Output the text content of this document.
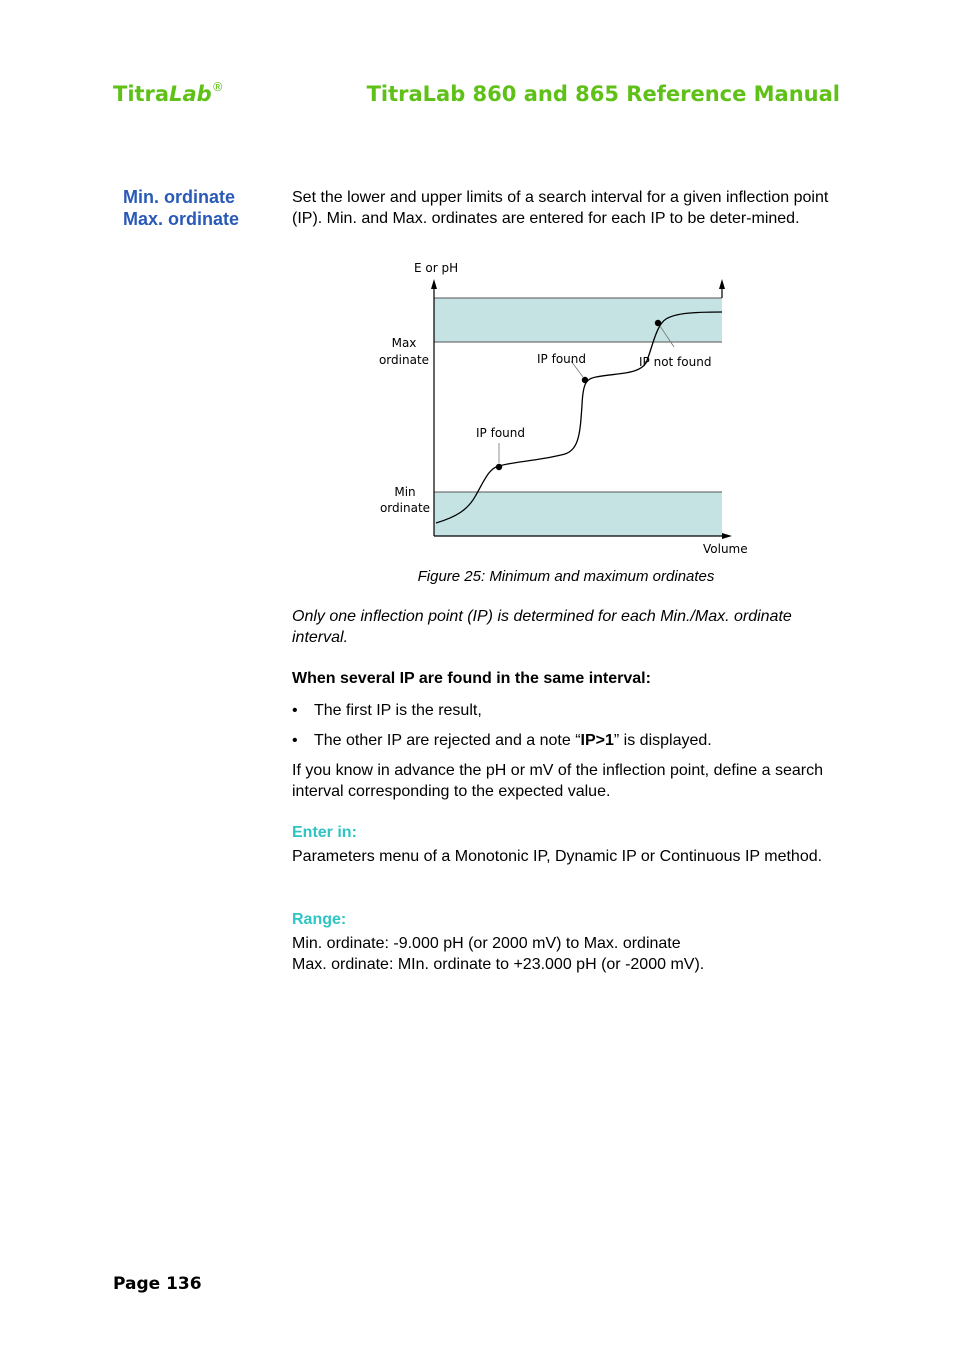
TitraLab®	TitraLab 860 and 865 Reference Manual
Min. ordinate
Max. ordinate
Set the lower and upper limits of a search interval for a given inflection point (IP). Min. and Max. ordinates are entered for each IP to be deter-mined.
E or pH
Volume
Max
ordinate
Min
ordinate
IP found
IP found
IP not found
Figure 25: Minimum and maximum ordinates
Only one inflection point (IP) is determined for each Min./Max. ordinate interval.
When several IP are found in the same interval:
• The first IP is the result,
• The other IP are rejected and a note “IP>1” is displayed.
If you know in advance the pH or mV of the inflection point, define a search interval corresponding to the expected value.
Enter in:
Parameters menu of a Monotonic IP, Dynamic IP or Continuous IP method.
Range:
Min. ordinate: -9.000 pH (or 2000 mV) to Max. ordinate
Max. ordinate: MIn. ordinate to +23.000 pH (or -2000 mV).
Page 136
